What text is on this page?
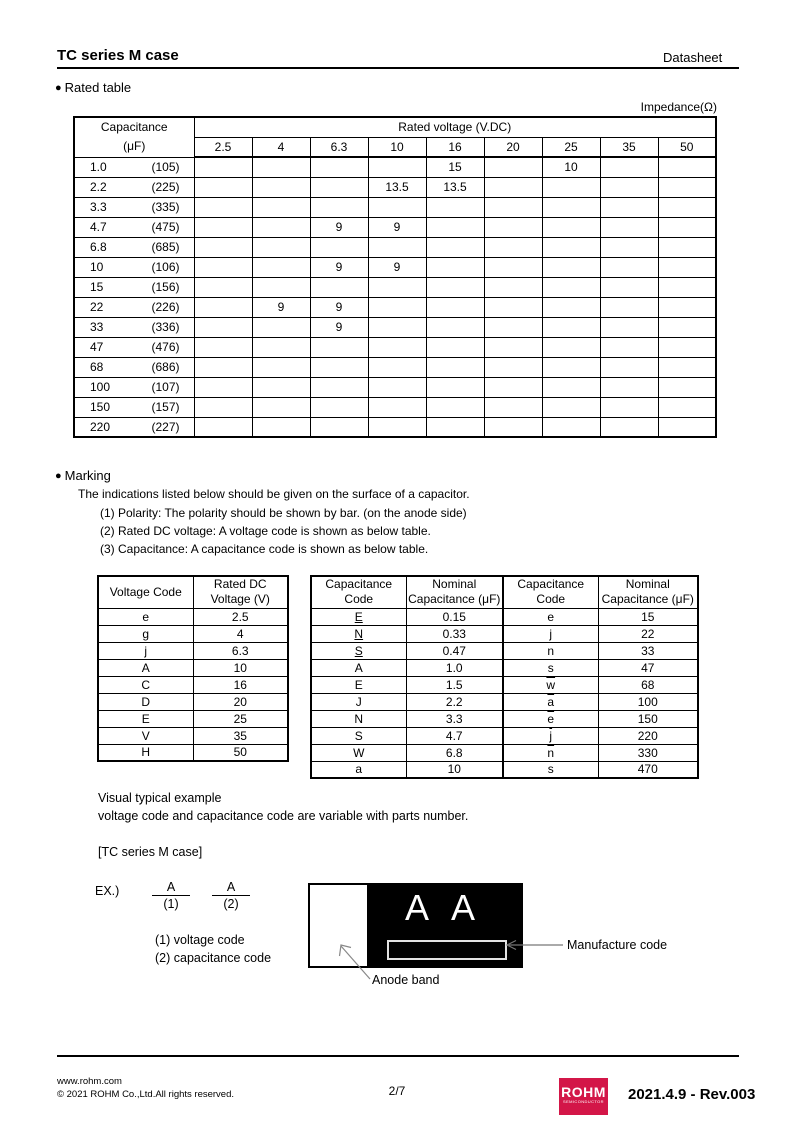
TC series M case	Datasheet
● Rated table
Impedance(Ω)
Capacitance
(μF)	Rated voltage (V.DC)								
	2.5	4	6.3	10	16	20	25	35	50

1.0 (105)					15		10		

2.2 (225)				13.5	13.5				

3.3 (335)									

4.7 (475)			9	9					

6.8 (685)									

10 (106)			9	9					

15 (156)									

22 (226)		9	9						

33 (336)			9						

47 (476)									

68 (686)									

100 (107)									

150 (157)									

220 (227)									

● Marking
The indications listed below should be given on the surface of a capacitor.
(1) Polarity: The polarity should be shown by bar. (on the anode side)
(2) Rated DC voltage: A voltage code is shown as below table.
(3) Capacitance: A capacitance code is shown as below table.
Voltage Code	Rated DC
	Voltage (V)
e	2.5
g	4
j	6.3
A	10
C	16
D	20
E	25
V	35
H	50
Capacitance	Nominal
Code	Capacitance (μF)
E	0.15
N	0.33
S	0.47
A	1.0
E	1.5
J	2.2
N	3.3
S	4.7
W	6.8
a	10
Capacitance	Nominal
Code	Capacitance (μF)
e	15
j	22
n	33
s	47
$\overline{w}$	68
$\overline{a}$	100
$\overline{e}$	150
$\overline{j}$	220
$\overline{n}$	330
$\overline{s}$	470
Visual typical example
voltage code and capacitance code are variable with parts number.
[TC series M case]
EX.)	$\frac{A}{(1)} \frac{A}{(2)}$
(1) voltage code
(2) capacitance code
A A
Manufacture code
Anode band
www.rohm.com
© 2021 ROHM Co.,Ltd.All rights reserved.	2/7	ROHM
SEMICONDUCTOR 2021.4.9 - Rev.003
